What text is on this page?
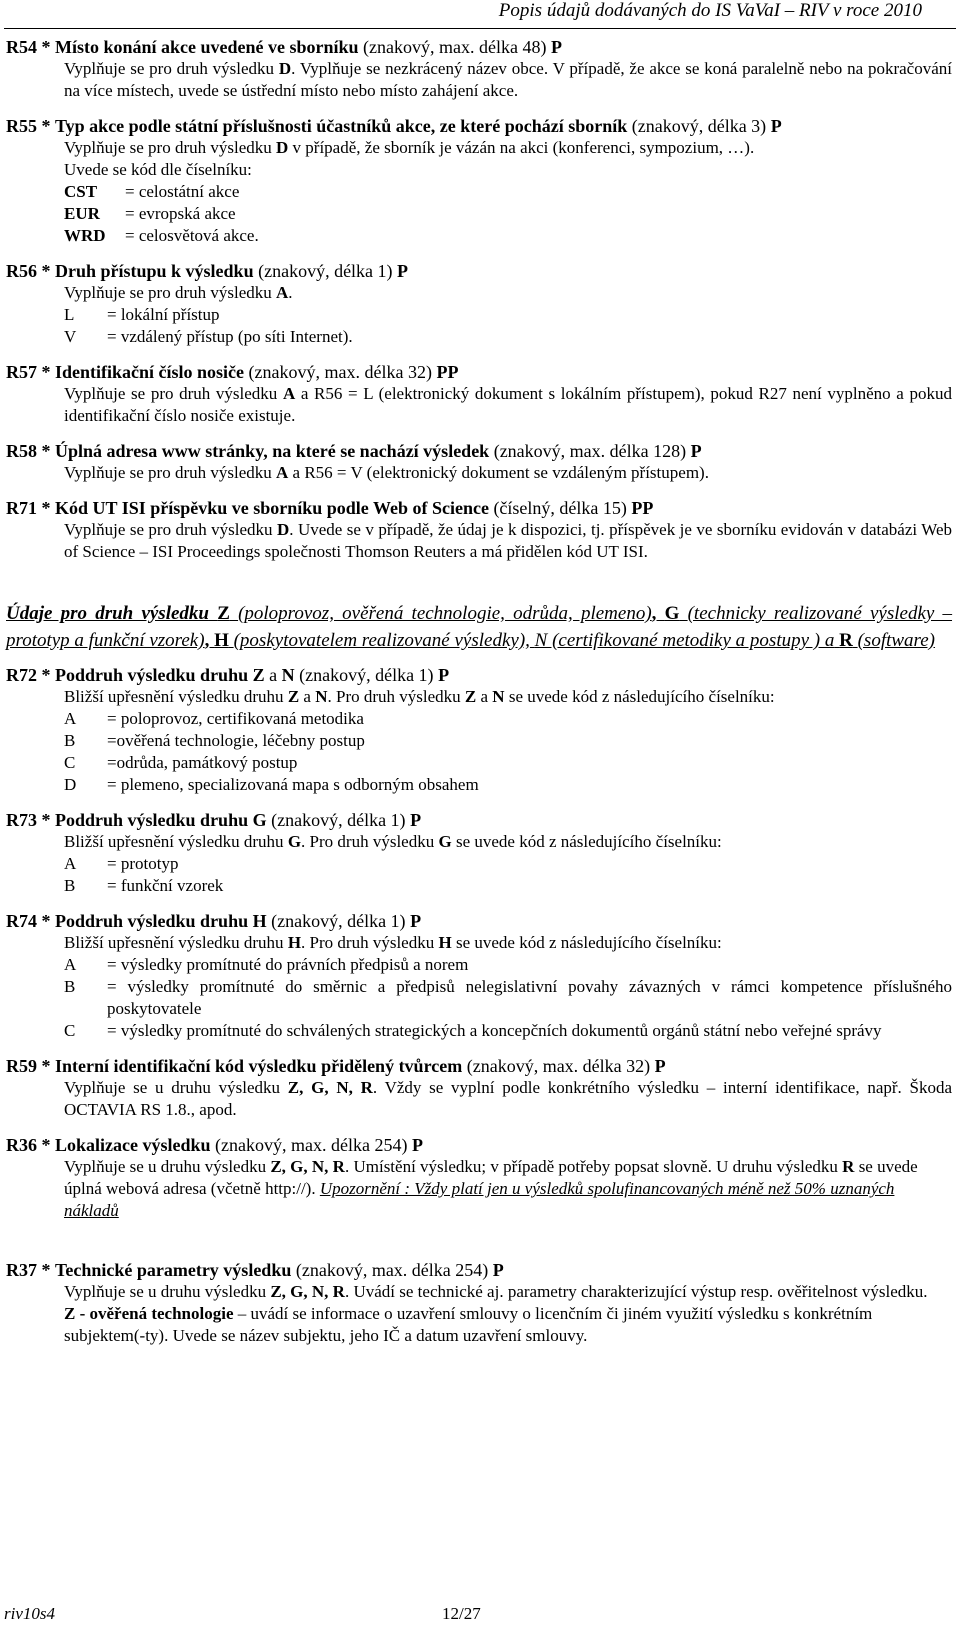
Popis údajů dodávaných do IS VaVaI – RIV v roce 2010
R54 * Místo konání akce uvedené ve sborníku (znakový, max. délka 48) P
Vyplňuje se pro druh výsledku D. Vyplňuje se nezkrácený název obce. V případě, že akce se koná paralelně nebo na pokračování na více místech, uvede se ústřední místo nebo místo zahájení akce.
R55 * Typ akce podle státní příslušnosti účastníků akce, ze které pochází sborník (znakový, délka 3) P
Vyplňuje se pro druh výsledku D v případě, že sborník je vázán na akci (konferenci, sympozium, …).
Uvede se kód dle číselníku:
CST	= celostátní akce
EUR	= evropská akce
WRD	= celosvětová akce.
R56 * Druh přístupu k výsledku (znakový, délka 1) P
Vyplňuje se pro druh výsledku A.
L	= lokální přístup
V	= vzdálený přístup (po síti Internet).
R57 * Identifikační číslo nosiče (znakový, max. délka 32) PP
Vyplňuje se pro druh výsledku A a R56 = L (elektronický dokument s lokálním přístupem), pokud R27 není vyplněno a pokud identifikační číslo nosiče existuje.
R58 * Úplná adresa www stránky, na které se nachází výsledek (znakový, max. délka 128) P
Vyplňuje se pro druh výsledku A a R56 = V (elektronický dokument se vzdáleným přístupem).
R71 * Kód UT ISI příspěvku ve sborníku podle Web of Science (číselný, délka 15) PP
Vyplňuje se pro druh výsledku D. Uvede se v případě, že údaj je k dispozici, tj. příspěvek je ve sborníku evidován v databázi Web of Science – ISI Proceedings společnosti Thomson Reuters a má přidělen kód UT ISI.
Údaje pro druh výsledku Z (poloprovoz, ověřená technologie, odrůda, plemeno), G (technicky realizované výsledky – prototyp a funkční vzorek), H (poskytovatelem realizované výsledky), N (certifikované metodiky a postupy ) a R (software)
R72 * Poddruh výsledku druhu Z a N (znakový, délka 1) P
Bližší upřesnění výsledku druhu Z a N. Pro druh výsledku Z a N se uvede kód z následujícího číselníku:
A	= poloprovoz, certifikovaná metodika
B	=ověřená technologie, léčebny postup
C	=odrůda, památkový postup
D	= plemeno, specializovaná mapa s odborným obsahem
R73 * Poddruh výsledku druhu G (znakový, délka 1) P
Bližší upřesnění výsledku druhu G. Pro druh výsledku G se uvede kód z následujícího číselníku:
A	= prototyp
B	= funkční vzorek
R74 * Poddruh výsledku druhu H (znakový, délka 1) P
Bližší upřesnění výsledku druhu H. Pro druh výsledku H se uvede kód z následujícího číselníku:
A	= výsledky promítnuté do právních předpisů a norem
B	= výsledky promítnuté do směrnic a předpisů nelegislativní povahy závazných v rámci kompetence příslušného poskytovatele
C	= výsledky promítnuté do schválených strategických a koncepčních dokumentů orgánů státní nebo veřejné správy
R59 * Interní identifikační kód výsledku přidělený tvůrcem (znakový, max. délka 32) P
Vyplňuje se u druhu výsledku Z, G, N, R. Vždy se vyplní podle konkrétního výsledku – interní identifikace, např. Škoda OCTAVIA RS 1.8., apod.
R36 * Lokalizace výsledku (znakový, max. délka 254) P
Vyplňuje se u druhu výsledku Z, G, N, R. Umístění výsledku; v případě potřeby popsat slovně. U druhu výsledku R se uvede úplná webová adresa (včetně http://). Upozornění : Vždy platí jen u výsledků spolufinancovaných méně než 50% uznaných nákladů
R37 * Technické parametry výsledku (znakový, max. délka 254) P
Vyplňuje se u druhu výsledku Z, G, N, R. Uvádí se technické aj. parametry charakterizující výstup resp. ověřitelnost výsledku.
Z - ověřená technologie – uvádí se informace o uzavření smlouvy o licenčním či jiném využití výsledku s konkrétním subjektem(-ty). Uvede se název subjektu, jeho IČ a datum uzavření smlouvy.
riv10s4	12/27
